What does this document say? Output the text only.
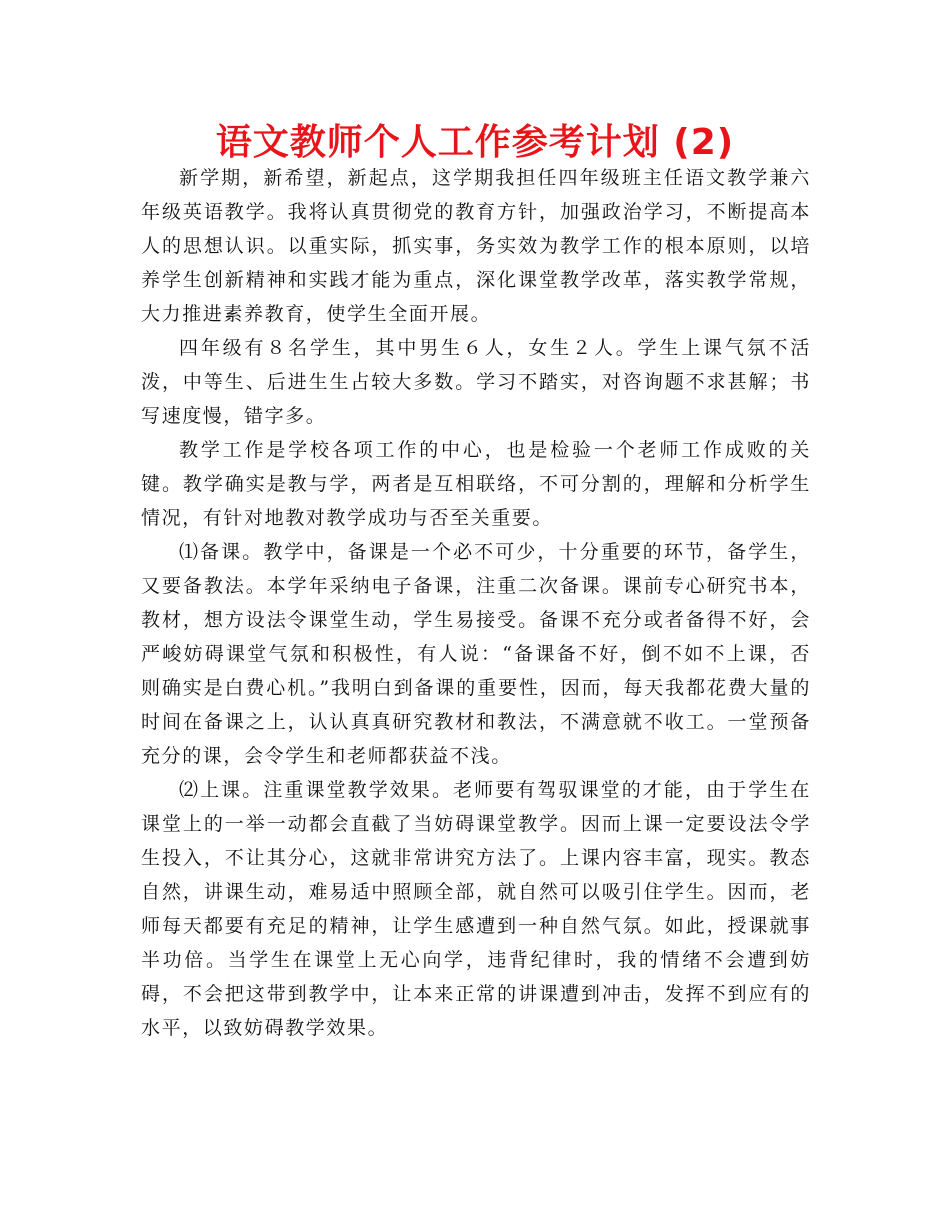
语文教师个人工作参考计划 (2)

新学期，新希望，新起点，这学期我担任四年级班主任语文教学兼六年级英语教学。我将认真贯彻党的教育方针，加强政治学习，不断提高本人的思想认识。以重实际，抓实事，务实效为教学工作的根本原则，以培养学生创新精神和实践才能为重点，深化课堂教学改革，落实教学常规，大力推进素养教育，使学生全面开展。

四年级有８名学生，其中男生６人，女生２人。学生上课气氛不活泼，中等生、后进生生占较大多数。学习不踏实，对咨询题不求甚解；书写速度慢，错字多。

教学工作是学校各项工作的中心，也是检验一个老师工作成败的关键。教学确实是教与学，两者是互相联络，不可分割的，理解和分析学生情况，有针对地教对教学成功与否至关重要。

⑴备课。教学中，备课是一个必不可少，十分重要的环节，备学生，又要备教法。本学年采纳电子备课，注重二次备课。课前专心研究书本，教材，想方设法令课堂生动，学生易接受。备课不充分或者备得不好，会严峻妨碍课堂气氛和积极性，有人说：“备课备不好，倒不如不上课，否则确实是白费心机。”我明白到备课的重要性，因而，每天我都花费大量的时间在备课之上，认认真真研究教材和教法，不满意就不收工。一堂预备充分的课，会令学生和老师都获益不浅。

⑵上课。注重课堂教学效果。老师要有驾驭课堂的才能，由于学生在课堂上的一举一动都会直截了当妨碍课堂教学。因而上课一定要设法令学生投入，不让其分心，这就非常讲究方法了。上课内容丰富，现实。教态自然，讲课生动，难易适中照顾全部，就自然可以吸引住学生。因而，老师每天都要有充足的精神，让学生感遭到一种自然气氛。如此，授课就事半功倍。当学生在课堂上无心向学，违背纪律时，我的情绪不会遭到妨碍，不会把这带到教学中，让本来正常的讲课遭到冲击，发挥不到应有的水平，以致妨碍教学效果。
